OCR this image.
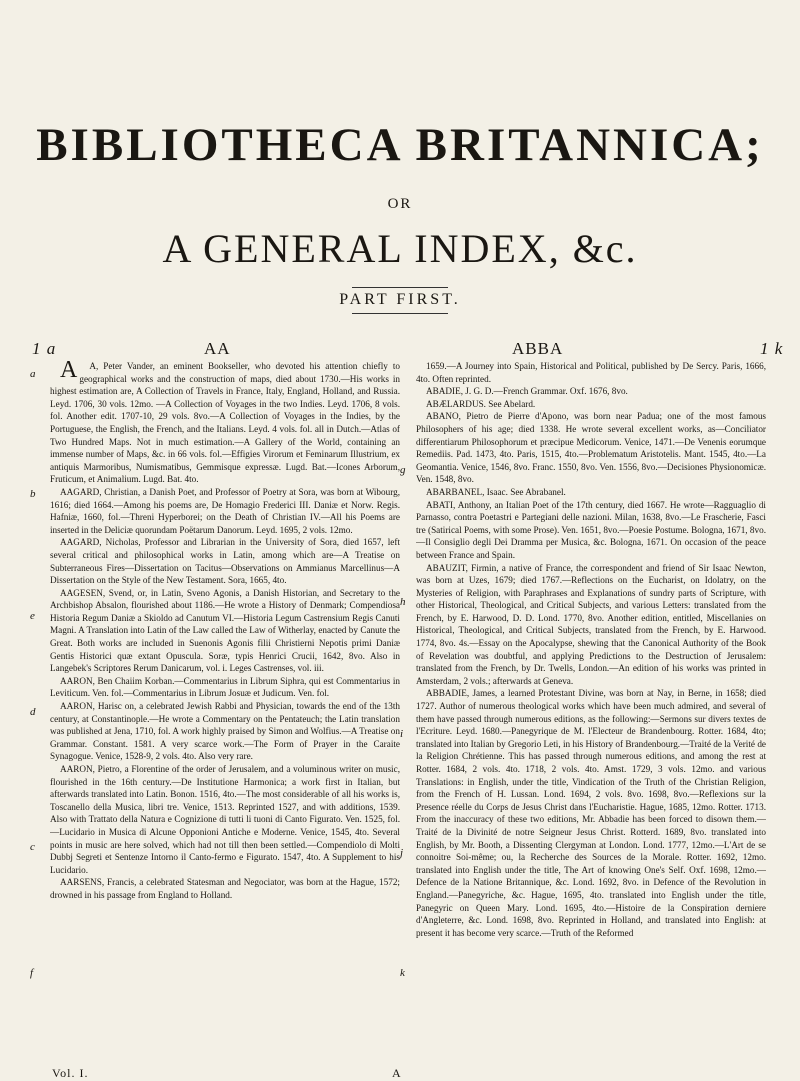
BIBLIOTHECA BRITANNICA;
OR
A GENERAL INDEX, &c.
PART FIRST.
1 a	AA	ABBA	1 k
a
b
e
d
c
f
g
h
i
j
k

AA, Peter Vander, an eminent Bookseller, who devoted his attention chiefly to geographical works and the construction of maps, died about 1730.—His works in highest estimation are, A Collection of Travels in France, Italy, England, Holland, and Russia. Leyd. 1706, 30 vols. 12mo. —A Collection of Voyages in the two Indies. Leyd. 1706, 8 vols. fol. Another edit. 1707-10, 29 vols. 8vo.—A Collection of Voyages in the Indies, by the Portuguese, the English, the French, and the Italians. Leyd. 4 vols. fol. all in Dutch.—Atlas of Two Hundred Maps. Not in much estimation.—A Gallery of the World, containing an immense number of Maps, &c. in 66 vols. fol.—Effigies Virorum et Feminarum Illustrium, ex antiquis Marmoribus, Numismatibus, Gemmisque expressæ. Lugd. Bat.—Icones Arborum, Fruticum, et Animalium. Lugd. Bat. 4to.

AAGARD, Christian, a Danish Poet, and Professor of Poetry at Sora, was born at Wibourg, 1616; died 1664.—Among his poems are, De Homagio Frederici III. Daniæ et Norw. Regis. Hafniæ, 1660, fol.—Threni Hyperborei; on the Death of Christian IV.—All his Poems are inserted in the Deliciæ quorundam Poëtarum Danorum. Leyd. 1695, 2 vols. 12mo.

AAGARD, Nicholas, Professor and Librarian in the University of Sora, died 1657, left several critical and philosophical works in Latin, among which are—A Treatise on Subterraneous Fires—Dissertation on Tacitus—Observations on Ammianus Marcellinus—A Dissertation on the Style of the New Testament. Sora, 1665, 4to.

AAGESEN, Svend, or, in Latin, Sveno Agonis, a Danish Historian, and Secretary to the Archbishop Absalon, flourished about 1186.—He wrote a History of Denmark; Compendiosa Historia Regum Daniæ a Skioldo ad Canutum VI.—Historia Legum Castrensium Regis Canuti Magni. A Translation into Latin of the Law called the Law of Witherlay, enacted by Canute the Great. Both works are included in Suenonis Agonis filii Christierni Nepotis primi Daniæ Gentis Historici quæ extant Opuscula. Soræ, typis Henrici Crucii, 1642, 8vo. Also in Langebek's Scriptores Rerum Danicarum, vol. i. Leges Castrenses, vol. iii.

AARON, Ben Chaiim Korban.—Commentarius in Librum Siphra, qui est Commentarius in Leviticum. Ven. fol.—Commentarius in Librum Josuæ et Judicum. Ven. fol.

AARON, Harisc on, a celebrated Jewish Rabbi and Physician, towards the end of the 13th century, at Constantinople.—He wrote a Commentary on the Pentateuch; the Latin translation was published at Jena, 1710, fol. A work highly praised by Simon and Wolfius.—A Treatise on Grammar. Constant. 1581. A very scarce work.—The Form of Prayer in the Caraite Synagogue. Venice, 1528-9, 2 vols. 4to. Also very rare.

AARON, Pietro, a Florentine of the order of Jerusalem, and a voluminous writer on music, flourished in the 16th century.—De Institutione Harmonica; a work first in Italian, but afterwards translated into Latin. Bonon. 1516, 4to.—The most considerable of all his works is, Toscanello della Musica, libri tre. Venice, 1513. Reprinted 1527, and with additions, 1539. Also with Trattato della Natura e Cognizione di tutti li tuoni di Canto Figurato. Ven. 1525, fol.—Lucidario in Musica di Alcune Opponioni Antiche e Moderne. Venice, 1545, 4to. Several points in music are here solved, which had not till then been settled.—Compendiolo di Molti Dubbj Segreti et Sentenze Intorno il Canto-fermo e Figurato. 1547, 4to. A Supplement to his Lucidario.

AARSENS, Francis, a celebrated Statesman and Negociator, was born at the Hague, 1572; drowned in his passage from England to Holland.

1659.—A Journey into Spain, Historical and Political, published by De Sercy. Paris, 1666, 4to. Often reprinted.

ABADIE, J. G. D.—French Grammar. Oxf. 1676, 8vo.

ABÆLARDUS. See Abelard.

ABANO, Pietro de Pierre d'Apono, was born near Padua; one of the most famous Philosophers of his age; died 1338. He wrote several excellent works, as—Conciliator differentiarum Philosophorum et præcipue Medicorum. Venice, 1471.—De Venenis eorumque Remediis. Pad. 1473, 4to. Paris, 1515, 4to.—Problematum Aristotelis. Mant. 1545, 4to.—La Geomantia. Venice, 1546, 8vo. Franc. 1550, 8vo. Ven. 1556, 8vo.—Decisiones Physionomicæ. Ven. 1548, 8vo.

ABARBANEL, Isaac. See Abrabanel.

ABATI, Anthony, an Italian Poet of the 17th century, died 1667. He wrote—Ragguaglio di Parnasso, contra Poetastri e Partegiani delle nazioni. Milan, 1638, 8vo.—Le Frascherie, Fasci tre (Satirical Poems, with some Prose). Ven. 1651, 8vo.—Poesie Postume. Bologna, 1671, 8vo.—Il Consiglio degli Dei Dramma per Musica, &c. Bologna, 1671. On occasion of the peace between France and Spain.

ABAUZIT, Firmin, a native of France, the correspondent and friend of Sir Isaac Newton, was born at Uzes, 1679; died 1767.—Reflections on the Eucharist, on Idolatry, on the Mysteries of Religion, with Paraphrases and Explanations of sundry parts of Scripture, with other Historical, Theological, and Critical Subjects, and various Letters: translated from the French, by E. Harwood, D. D. Lond. 1770, 8vo. Another edition, entitled, Miscellanies on Historical, Theological, and Critical Subjects, translated from the French, by E. Harwood. 1774, 8vo. 4s.—Essay on the Apocalypse, shewing that the Canonical Authority of the Book of Revelation was doubtful, and applying Predictions to the Destruction of Jerusalem: translated from the French, by Dr. Twells, London.—An edition of his works was printed in Amsterdam, 2 vols.; afterwards at Geneva.

ABBADIE, James, a learned Protestant Divine, was born at Nay, in Berne, in 1658; died 1727. Author of numerous theological works which have been much admired, and several of them have passed through numerous editions, as the following:—Sermons sur divers textes de l'Ecriture. Leyd. 1680.—Panegyrique de M. l'Electeur de Brandenbourg. Rotter. 1684, 4to; translated into Italian by Gregorio Leti, in his History of Brandenbourg.—Traité de la Verité de la Religion Chrétienne. This has passed through numerous editions, and among the rest at Rotter. 1684, 2 vols. 4to. 1718, 2 vols. 4to. Amst. 1729, 3 vols. 12mo. and various Translations: in English, under the title, Vindication of the Truth of the Christian Religion, from the French of H. Lussan. Lond. 1694, 2 vols. 8vo. 1698, 8vo.—Reflexions sur la Presence réelle du Corps de Jesus Christ dans l'Eucharistie. Hague, 1685, 12mo. Rotter. 1713. From the inaccuracy of these two editions, Mr. Abbadie has been forced to disown them.—Traité de la Divinité de notre Seigneur Jesus Christ. Rotterd. 1689, 8vo. translated into English, by Mr. Booth, a Dissenting Clergyman at London. Lond. 1777, 12mo.—L'Art de se connoitre Soi-même; ou, la Recherche des Sources de la Morale. Rotter. 1692, 12mo. translated into English under the title, The Art of knowing One's Self. Oxf. 1698, 12mo.—Defence de la Natione Britannique, &c. Lond. 1692, 8vo. in Defence of the Revolution in England.—Panegyriche, &c. Hague, 1695, 4to. translated into English under the title, Panegyric on Queen Mary. Lond. 1695, 4to.—Histoire de la Conspiration derniere d'Angleterre, &c. Lond. 1698, 8vo. Reprinted in Holland, and translated into English: at present it has become very scarce.—Truth of the Reformed

Vol. I.	A
